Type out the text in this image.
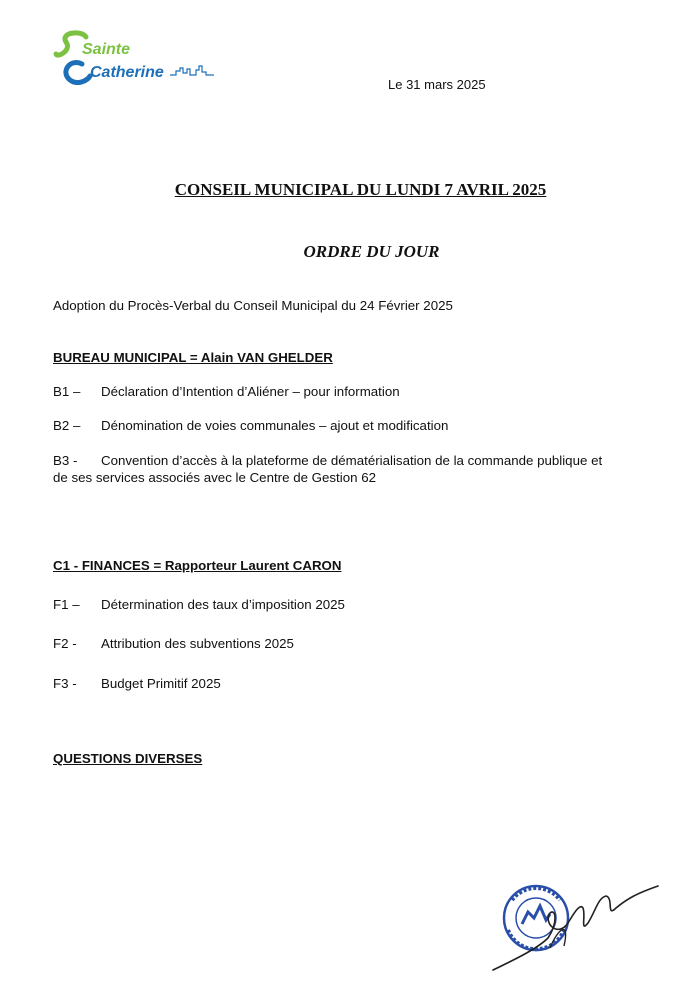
Sainte
Catherine
Le 31 mars 2025
CONSEIL MUNICIPAL DU LUNDI 7 AVRIL 2025
ORDRE DU JOUR
Adoption du Procès-Verbal du Conseil Municipal du 24 Février 2025
BUREAU MUNICIPAL = Alain VAN GHELDER
B1 – Déclaration d’Intention d’Aliéner – pour information
B2 – Dénomination de voies communales – ajout et modification
B3 - Convention d’accès à la plateforme de dématérialisation de la commande publique et
de ses services associés avec le Centre de Gestion 62
C1 - FINANCES = Rapporteur Laurent CARON
F1 – Détermination des taux d’imposition 2025
F2 - Attribution des subventions 2025
F3 - Budget Primitif 2025
QUESTIONS DIVERSES
